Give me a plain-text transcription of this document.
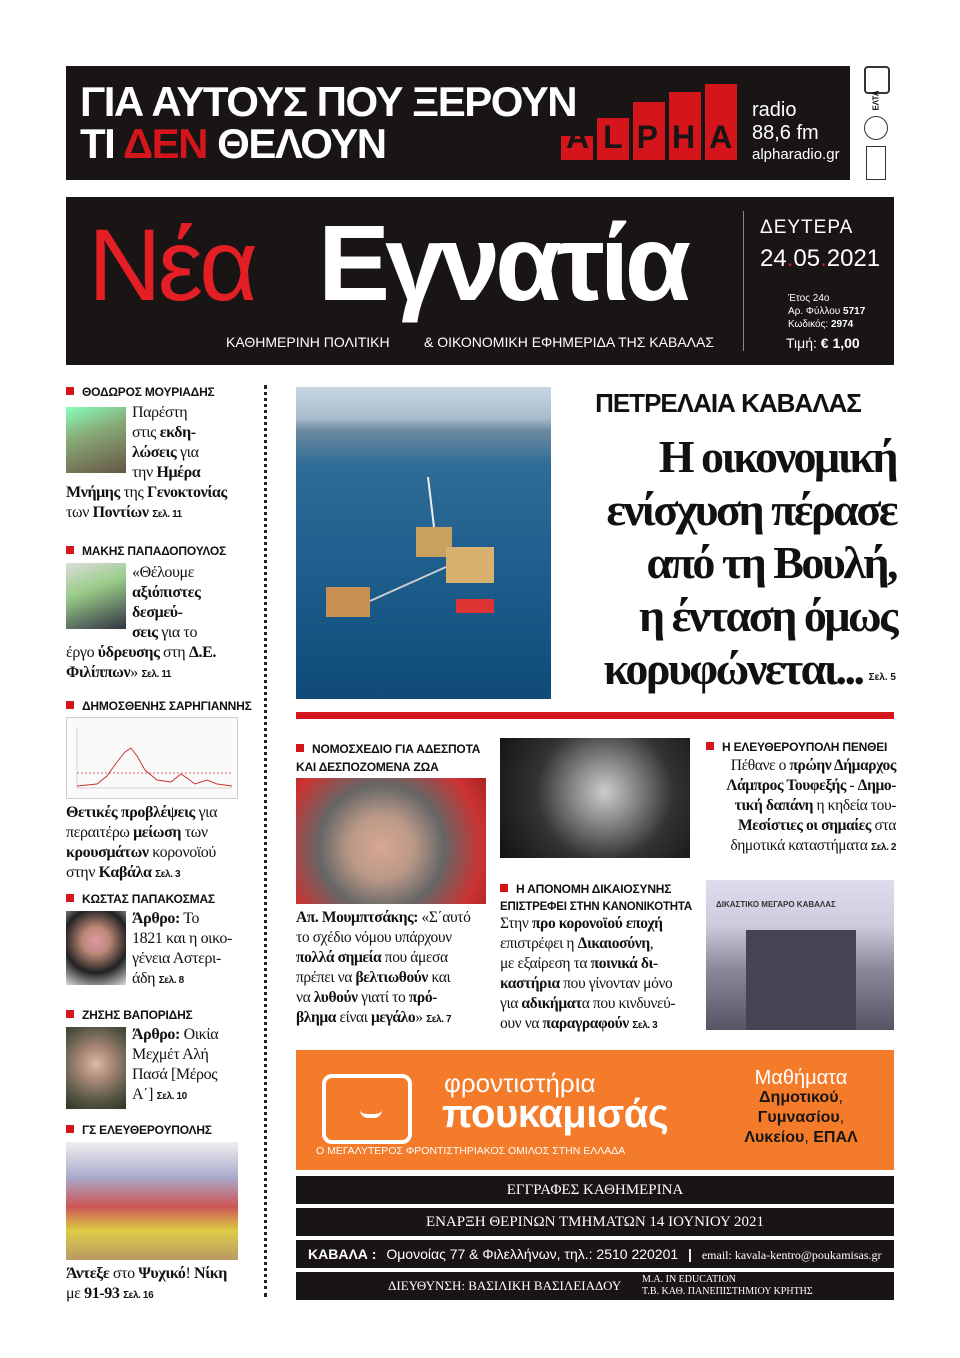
ΓΙΑ ΑΥΤΟΥΣ ΠΟΥ ΞΕΡΟΥΝ
ΤΙ ΔΕΝ ΘΕΛΟΥΝ	ALPHA
radio
88,6 fm
alpharadio.gr
ΕΛΤΑ
Νέα Εγνατία
ΚΑΘΗΜΕΡΙΝΗ ΠΟΛΙΤΙΚΗ & ΟΙΚΟΝΟΜΙΚΗ ΕΦΗΜΕΡΙΔΑ ΤΗΣ ΚΑΒΑΛΑΣ
ΔΕΥΤΕΡΑ
24.05.2021
Έτος 24ο
Αρ. Φύλλου 5717
Κωδικός: 2974
Τιμή: € 1,00
ΘΟΔΩΡΟΣ ΜΟΥΡΙΑΔΗΣ
Παρέστη
στις εκδη-
λώσεις για
την Ημέρα
Μνήμης της Γενοκτονίας
των Ποντίων Σελ. 11
ΜΑΚΗΣ ΠΑΠΑΔΟΠΟΥΛΟΣ
«Θέλουμε
αξιόπιστες
δεσμεύ-
σεις για το
έργο ύδρευσης στη Δ.Ε.
Φιλίππων» Σελ. 11
ΔΗΜΟΣΘΕΝΗΣ ΣΑΡΗΓΙΑΝΝΗΣ
Θετικές προβλέψεις για
περαιτέρω μείωση των
κρουσμάτων κορονοϊού
στην Καβάλα Σελ. 3
ΚΩΣΤΑΣ ΠΑΠΑΚΟΣΜΑΣ
Άρθρο: Το
1821 και η οικο-
γένεια Αστερι-
άδη Σελ. 8
ΖΗΣΗΣ ΒΑΠΟΡΙΔΗΣ
Άρθρο: Οικία
Μεχμέτ Αλή
Πασά [Μέρος
Α΄] Σελ. 10
ΓΣ ΕΛΕΥΘΕΡΟΥΠΟΛΗΣ
Άντεξε στο Ψυχικό! Νίκη
με 91-93 Σελ. 16
ΠΕΤΡΕΛΑΙΑ ΚΑΒΑΛΑΣ
Η οικονομική
ενίσχυση πέρασε
από τη Βουλή,
η ένταση όμως
κορυφώνεται... Σελ. 5
ΝΟΜΟΣΧΕΔΙΟ ΓΙΑ ΑΔΕΣΠΟΤΑ
ΚΑΙ ΔΕΣΠΟΖΟΜΕΝΑ ΖΩΑ
Απ. Μουμπτσάκης: «Σ΄αυτό
το σχέδιο νόμου υπάρχουν
πολλά σημεία που άμεσα
πρέπει να βελτιωθούν και
να λυθούν γιατί το πρό-
βλημα είναι μεγάλο» Σελ. 7
Η ΕΛΕΥΘΕΡΟΥΠΟΛΗ ΠΕΝΘΕΙ
Πέθανε ο πρώην Δήμαρχος
Λάμπρος Τουφεξής - Δημο-
τική δαπάνη η κηδεία του-
Μεσίστιες οι σημαίες στα
δημοτικά καταστήματα Σελ. 2
Η ΑΠΟΝΟΜΗ ΔΙΚΑΙΟΣΥΝΗΣ
ΕΠΙΣΤΡΕΦΕΙ ΣΤΗΝ ΚΑΝΟΝΙΚΟΤΗΤΑ
Στην προ κορονοϊού εποχή
επιστρέφει η Δικαιοσύνη,
με εξαίρεση τα ποινικά δι-
καστήρια που γίνονταν μόνο
για αδικήματα που κινδυνεύ-
ουν να παραγραφούν Σελ. 3
ΔΙΚΑΣΤΙΚΟ ΜΕΓΑΡΟ ΚΑΒΑΛΑΣ
φροντιστήρια
πουκαμισάς
Ο ΜΕΓΑΛΥΤΕΡΟΣ ΦΡΟΝΤΙΣΤΗΡΙΑΚΟΣ ΟΜΙΛΟΣ ΣΤΗΝ ΕΛΛΑΔΑ
Μαθήματα
Δημοτικού,
Γυμνασίου,
Λυκείου, ΕΠΑΛ
ΕΓΓΡΑΦΕΣ ΚΑΘΗΜΕΡΙΝΑ
ΕΝΑΡΞΗ ΘΕΡΙΝΩΝ ΤΜΗΜΑΤΩΝ 14 ΙΟΥΝΙΟΥ 2021
ΚΑΒΑΛΑ : Ομονοίας 77 & Φιλελλήνων, τηλ.: 2510 220201 | email: kavala-kentro@poukamisas.gr
ΔΙΕΥΘΥΝΣΗ: ΒΑΣΙΛΙΚΗ ΒΑΣΙΛΕΙΑΔΟΥ M.A. IN EDUCATION
Τ.Β. ΚΑΘ. ΠΑΝΕΠΙΣΤΗΜΙΟΥ ΚΡΗΤΗΣ
